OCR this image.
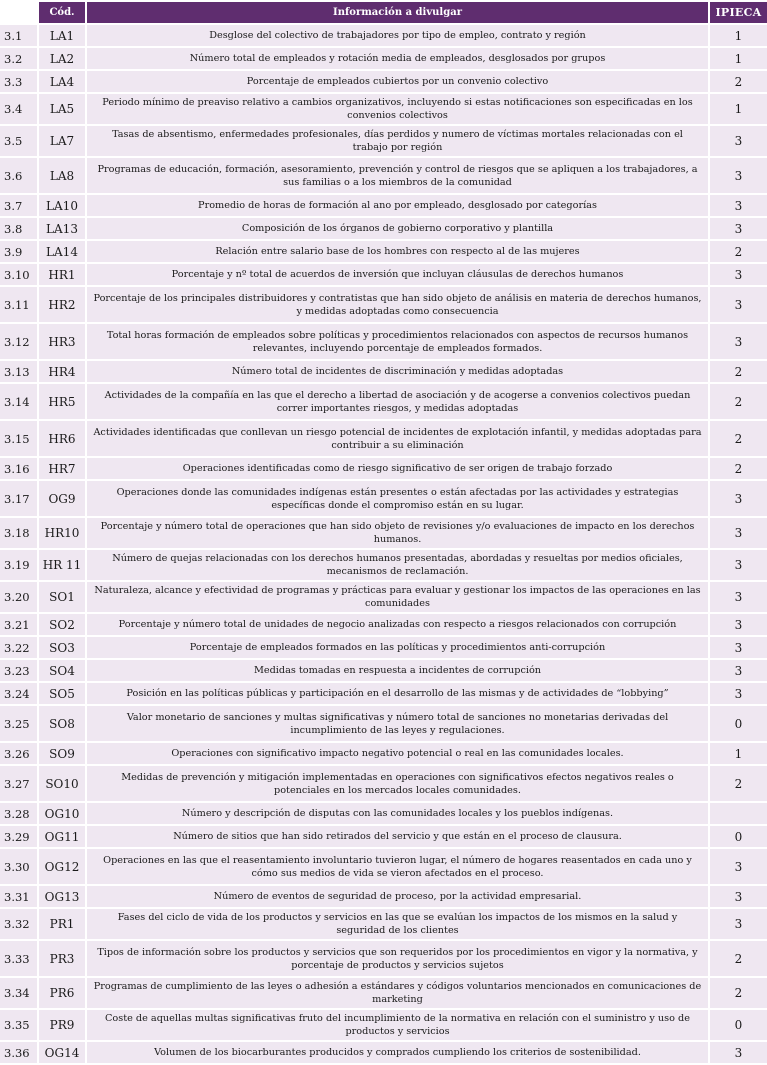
	Cód.	Información a divulgar	IPIECA
3.1	LA1	Desglose del colectivo de trabajadores por tipo de empleo, contrato y región	1
3.2	LA2	Número total de empleados y rotación media de empleados, desglosados por grupos	1
3.3	LA4	Porcentaje de empleados cubiertos por un convenio colectivo	2
3.4	LA5	Periodo mínimo de preaviso relativo a cambios organizativos, incluyendo si estas notificaciones son especificadas en los convenios colectivos	1
3.5	LA7	Tasas de absentismo, enfermedades profesionales, días perdidos y numero de víctimas mortales relacionadas con el trabajo por región	3
3.6	LA8	Programas de educación, formación, asesoramiento, prevención y control de riesgos que se apliquen a los trabajadores, a sus familias o a los miembros de la comunidad	3
3.7	LA10	Promedio de horas de formación al ano por empleado, desglosado por categorías	3
3.8	LA13	Composición de los órganos de gobierno corporativo y plantilla	3
3.9	LA14	Relación entre salario base de los hombres con respecto al de las mujeres	2
3.10	HR1	Porcentaje y nº total de acuerdos de inversión que incluyan cláusulas de derechos humanos	3
3.11	HR2	Porcentaje de los principales distribuidores y contratistas que han sido objeto de análisis en materia de derechos humanos, y medidas adoptadas como consecuencia	3
3.12	HR3	Total horas formación de empleados sobre políticas y procedimientos relacionados con aspectos de recursos humanos relevantes, incluyendo porcentaje de empleados formados.	3
3.13	HR4	Número total de incidentes de discriminación y medidas adoptadas	2
3.14	HR5	Actividades de la compañía en las que el derecho a libertad de asociación y de acogerse a convenios colectivos puedan correr importantes riesgos, y medidas adoptadas	2
3.15	HR6	Actividades identificadas que conllevan un riesgo potencial de incidentes de explotación infantil, y medidas adoptadas para contribuir a su eliminación	2
3.16	HR7	Operaciones identificadas como de riesgo significativo de ser origen de trabajo forzado	2
3.17	OG9	Operaciones donde las comunidades indígenas están presentes o están afectadas por las actividades y estrategias específicas donde el compromiso están en su lugar.	3
3.18	HR10	Porcentaje y número total de operaciones que han sido objeto de revisiones y/o evaluaciones de impacto en los derechos humanos.	3
3.19	HR 11	Número de quejas relacionadas con los derechos humanos presentadas, abordadas y resueltas por medios oficiales, mecanismos de reclamación.	3
3.20	SO1	Naturaleza, alcance y efectividad de programas y prácticas para evaluar y gestionar los impactos de las operaciones en las comunidades	3
3.21	SO2	Porcentaje y número total de unidades de negocio analizadas con respecto a riesgos relacionados con corrupción	3
3.22	SO3	Porcentaje de empleados formados en las políticas y procedimientos anti-corrupción	3
3.23	SO4	Medidas tomadas en respuesta a incidentes de corrupción	3
3.24	SO5	Posición en las políticas públicas y participación en el desarrollo de las mismas y de actividades de “lobbying”	3
3.25	SO8	Valor monetario de sanciones y multas significativas y número total de sanciones no monetarias derivadas del incumplimiento de las leyes y regulaciones.	0
3.26	SO9	Operaciones con significativo impacto negativo potencial o real en las comunidades locales.	1
3.27	SO10	Medidas de prevención y mitigación implementadas en operaciones con significativos efectos negativos reales o potenciales en los mercados locales comunidades.	2
3.28	OG10	Número y descripción de disputas con las comunidades locales y los pueblos indígenas.	
3.29	OG11	Número de sitios que han sido retirados del servicio y que están en el proceso de clausura.	0
3.30	OG12	Operaciones en las que el reasentamiento involuntario tuvieron lugar, el número de hogares reasentados en cada uno y cómo sus medios de vida se vieron afectados en el proceso.	3
3.31	OG13	Número de eventos de seguridad de proceso, por la actividad empresarial.	3
3.32	PR1	Fases del ciclo de vida de los productos y servicios en las que se evalúan los impactos de los mismos en la salud y seguridad de los clientes	3
3.33	PR3	Tipos de información sobre los productos y servicios que son requeridos por los procedimientos en vigor y la normativa, y porcentaje de productos y servicios sujetos	2
3.34	PR6	Programas de cumplimiento de las leyes o adhesión a estándares y códigos voluntarios mencionados en comunicaciones de marketing	2
3.35	PR9	Coste de aquellas multas significativas fruto del incumplimiento de la normativa en relación con el suministro y uso de productos y servicios	0
3.36	OG14	Volumen de los biocarburantes producidos y comprados cumpliendo los criterios de sostenibilidad.	3
